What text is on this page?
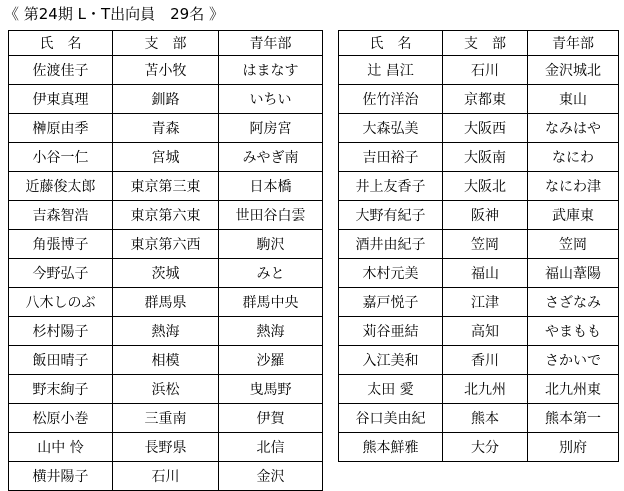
《 第24期 L・T出向員　29名 》
氏　名	支　部	青年部
佐渡佳子	苫小牧	はまなす
伊東真理	釧路	いちい
榊原由季	青森	阿房宮
小谷一仁	宮城	みやぎ南
近藤俊太郎	東京第三東	日本橋
吉森智浩	東京第六東	世田谷白雲
角張博子	東京第六西	駒沢
今野弘子	茨城	みと
八木しのぶ	群馬県	群馬中央
杉村陽子	熱海	熱海
飯田晴子	相模	沙羅
野末絢子	浜松	曳馬野
松原小巻	三重南	伊賀
山中 怜	長野県	北信
横井陽子	石川	金沢
氏　名	支　部	青年部
辻 昌江	石川	金沢城北
佐竹洋治	京都東	東山
大森弘美	大阪西	なみはや
吉田裕子	大阪南	なにわ
井上友香子	大阪北	なにわ津
大野有紀子	阪神	武庫東
酒井由紀子	笠岡	笠岡
木村元美	福山	福山葦陽
嘉戸悦子	江津	さざなみ
苅谷亜結	高知	やまもも
入江美和	香川	さかいで
太田 愛	北九州	北九州東
谷口美由紀	熊本	熊本第一
熊本鮮雅	大分	別府
